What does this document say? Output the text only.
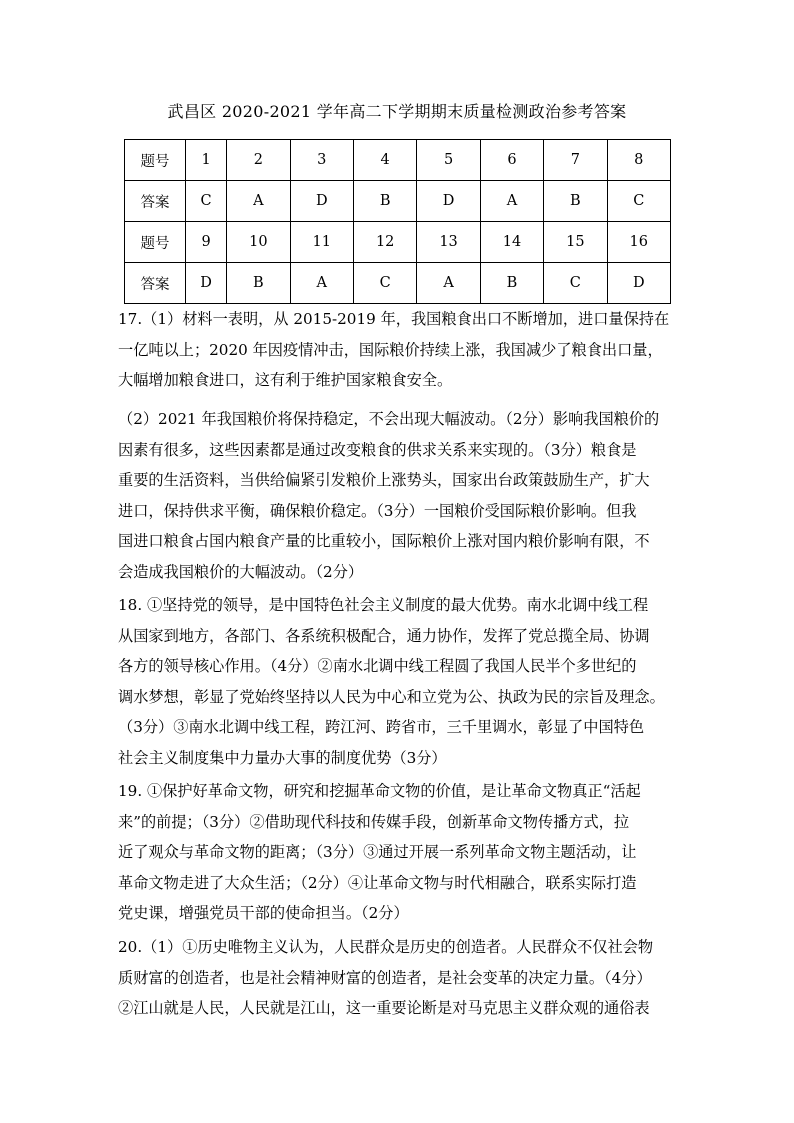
武昌区 2020-2021 学年高二下学期期末质量检测政治参考答案
题号	1	2	3	4	5	6	7	8
答案	C	A	D	B	D	A	B	C
题号	9	10	11	12	13	14	15	16
答案	D	B	A	C	A	B	C	D

17.（1）材料一表明，从 2015-2019 年，我国粮食出口不断增加，进口量保持在

一亿吨以上；2020 年因疫情冲击，国际粮价持续上涨，我国减少了粮食出口量，

大幅增加粮食进口，这有利于维护国家粮食安全。

（2）2021 年我国粮价将保持稳定，不会出现大幅波动。（2分）影响我国粮价的

因素有很多，这些因素都是通过改变粮食的供求关系来实现的。（3分）粮食是

重要的生活资料，当供给偏紧引发粮价上涨势头，国家出台政策鼓励生产，扩大

进口，保持供求平衡，确保粮价稳定。（3分）一国粮价受国际粮价影响。但我

国进口粮食占国内粮食产量的比重较小，国际粮价上涨对国内粮价影响有限，不

会造成我国粮价的大幅波动。（2分）

18. ①坚持党的领导，是中国特色社会主义制度的最大优势。南水北调中线工程

从国家到地方，各部门、各系统积极配合，通力协作，发挥了党总揽全局、协调

各方的领导核心作用。（4分）②南水北调中线工程圆了我国人民半个多世纪的

调水梦想，彰显了党始终坚持以人民为中心和立党为公、执政为民的宗旨及理念。

（3分）③南水北调中线工程，跨江河、跨省市，三千里调水，彰显了中国特色

社会主义制度集中力量办大事的制度优势（3分）

19. ①保护好革命文物，研究和挖掘革命文物的价值，是让革命文物真正“活起

来”的前提；（3分）②借助现代科技和传媒手段，创新革命文物传播方式，拉

近了观众与革命文物的距离；（3分）③通过开展一系列革命文物主题活动，让

革命文物走进了大众生活；（2分）④让革命文物与时代相融合，联系实际打造

党史课，增强党员干部的使命担当。（2分）

20.（1）①历史唯物主义认为，人民群众是历史的创造者。人民群众不仅社会物

质财富的创造者，也是社会精神财富的创造者，是社会变革的决定力量。（4分）

②江山就是人民，人民就是江山，这一重要论断是对马克思主义群众观的通俗表
